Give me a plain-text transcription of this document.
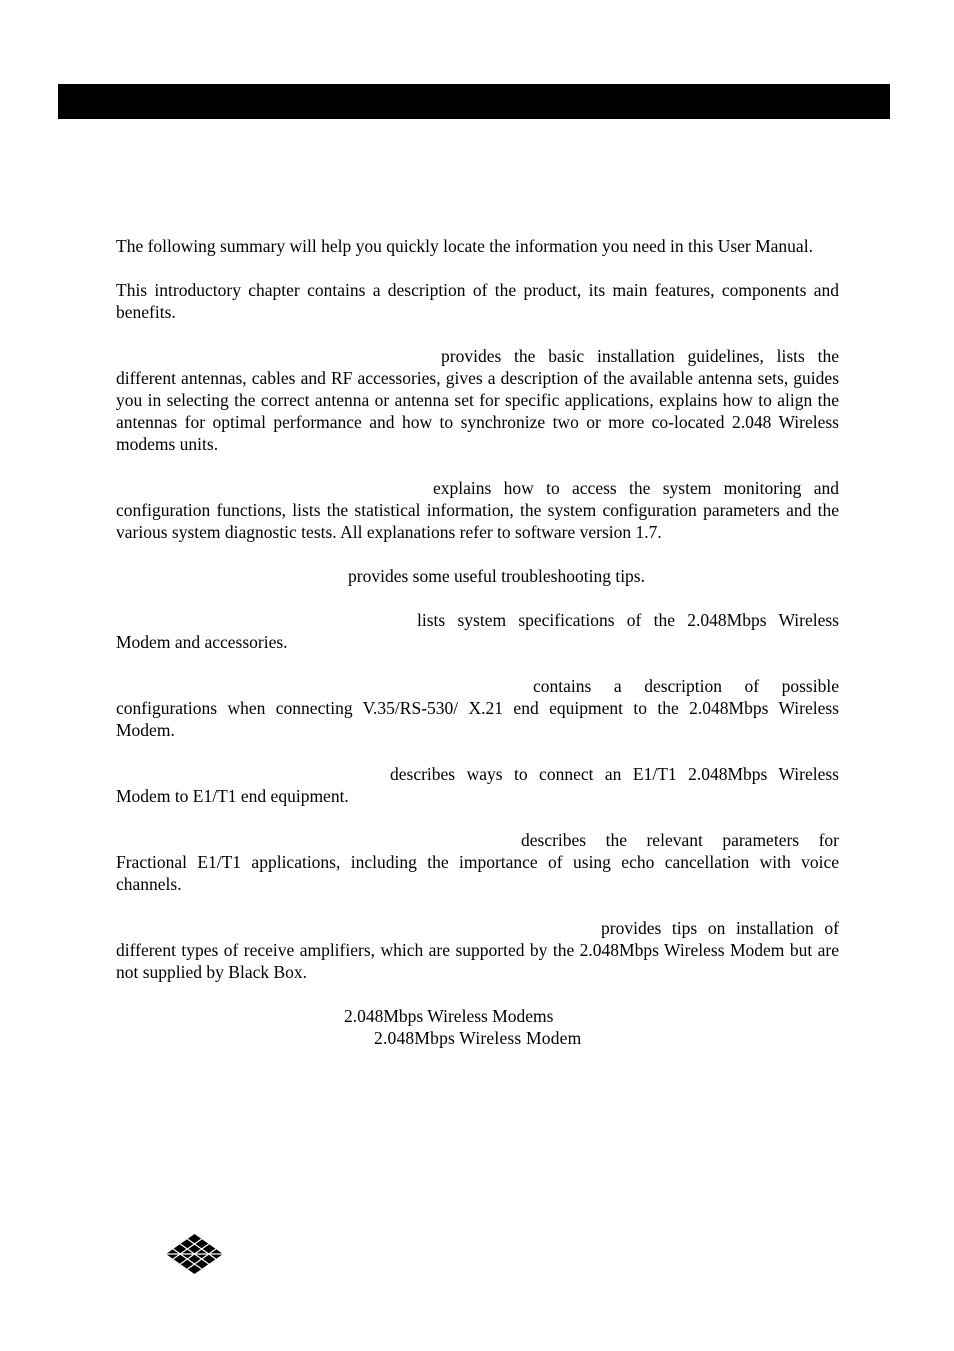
The following summary will help you quickly locate the information you need in this User Manual.

This introductory chapter contains a description of the product, its main features, components and benefits.

provides the basic installation guidelines, lists the different antennas, cables and RF accessories, gives a description of the available antenna sets, guides you in selecting the correct antenna or antenna set for specific applications, explains how to align the antennas for optimal performance and how to synchronize two or more co-located 2.048 Wireless modems units.

explains how to access the system monitoring and configuration functions, lists the statistical information, the system configuration parameters and the various system diagnostic tests. All explanations refer to software version 1.7.

provides some useful troubleshooting tips.

lists system specifications of the 2.048Mbps Wireless Modem and accessories.

contains a description of possible configurations when connecting V.35/RS-530/ X.21 end equipment to the 2.048Mbps Wireless Modem.

describes ways to connect an E1/T1 2.048Mbps Wireless Modem to E1/T1 end equipment.

describes the relevant parameters for Fractional E1/T1 applications, including the importance of using echo cancellation with voice channels.

provides tips on installation of different types of receive amplifiers, which are supported by the 2.048Mbps Wireless Modem but are not supplied by Black Box.

2.048Mbps Wireless Modems
2.048Mbps Wireless Modem
